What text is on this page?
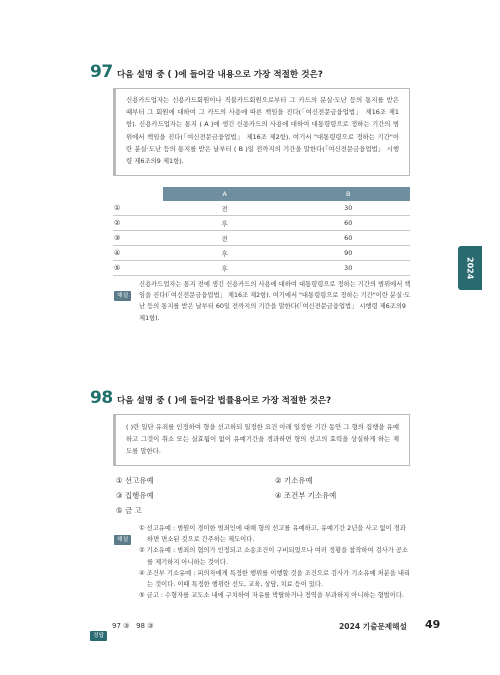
2024
97 다음 설명 중 ( )에 들어갈 내용으로 가장 적절한 것은?
신용카드업자는 신용카드회원이나 직불카드회원으로부터 그 카드의 분실·도난 등의 통지를 받은 때부터 그 회원에 대하여 그 카드의 사용에 따른 책임을 진다(「여신전문금융업법」 제16조 제1항). 신용카드업자는 통지 ( A )에 생긴 신용카드의 사용에 대하여 대통령령으로 정하는 기간의 범위에서 책임을 진다(「여신전문금융업법」 제16조 제2항). 여기서 "대통령령으로 정하는 기간"이란 분실·도난 등의 통지를 받은 날부터 ( B )일 전까지의 기간을 말한다(「여신전문금융업법」 시행령 제6조의9 제1항).
	A	B
①	전	30
②	후	60
③	전	60
④	후	90
⑤	후	30
해설
신용카드업자는 통지 전에 생긴 신용카드의 사용에 대하여 대통령령으로 정하는 기간의 범위에서 책임을 진다(「여신전문금융업법」 제16조 제2항). 여기에서 "대통령령으로 정하는 기간"이란 분실·도난 등의 통지를 받은 날부터 60일 전까지의 기간을 말한다(「여신전문금융업법」 시행령 제6조의9 제1항).
98 다음 설명 중 ( )에 들어갈 법률용어로 가장 적절한 것은?
( )란 일단 유죄를 인정하여 형을 선고하되 일정한 요건 아래 일정한 기간 동안 그 형의 집행을 유예하고 그것이 취소 또는 실효됨이 없이 유예기간을 경과하면 형의 선고의 효력을 상실하게 하는 제도를 말한다.
① 선고유예	② 기소유예
③ 집행유예	④ 조건부 기소유예
⑤ 금 고
해설
① 선고유예 : 범원이 경미한 범죄인에 대해 형의 선고를 유예하고, 유예기간 2년을 사고 없이 경과하면 면소된 것으로 간주하는 제도이다.
② 기소유예 : 범죄의 혐의가 인정되고 소송조건이 구비되었으나 여러 정황을 참작하여 검사가 공소를 제기하지 아니하는 것이다.
④ 조건부 기소유예 : 피의자에게 특정한 행위를 이행할 것을 조건으로 검사가 기소유예 처분을 내리는 것이다. 이때 특정한 행위란 선도, 교육, 상담, 치료 등이 있다.
⑤ 금고 : 수형자를 교도소 내에 구치하여 자유를 박탈하거나 정역을 부과하지 아니하는 형벌이다.
정답
97 ③   98 ③	2024 기출문제해설 49
